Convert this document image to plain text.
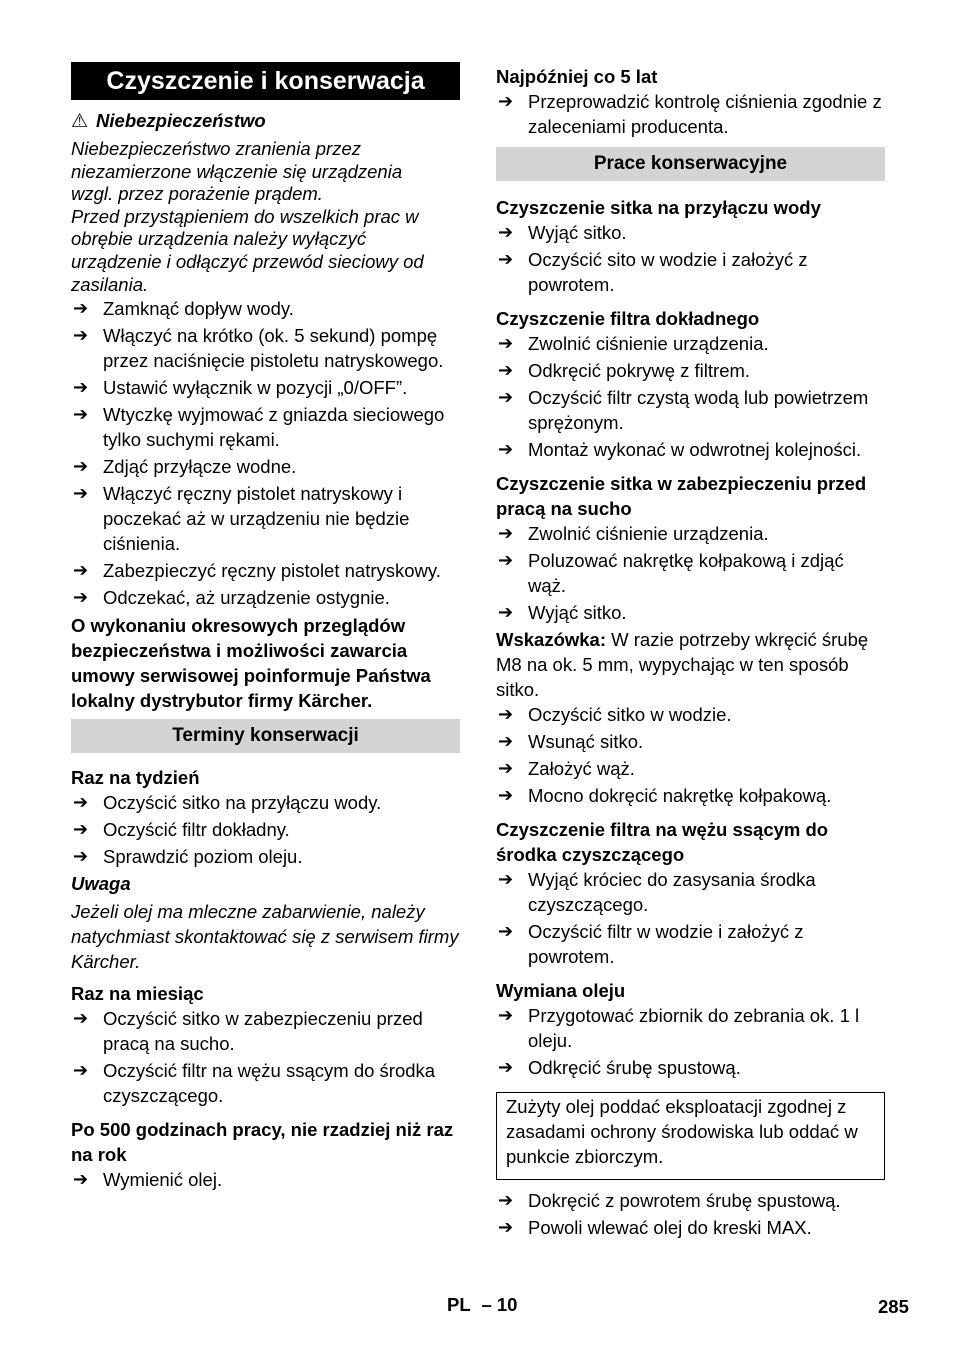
Czyszczenie i konserwacja
⚠ Niebezpieczeństwo
Niebezpieczeństwo zranienia przez
niezamierzone włączenie się urządzenia
wzgl. przez porażenie prądem.
Przed przystąpieniem do wszelkich prac w
obrębie urządzenia należy wyłączyć
urządzenie i odłączyć przewód sieciowy od
zasilania.
➔ Zamknąć dopływ wody.
➔ Włączyć na krótko (ok. 5 sekund) pompę przez naciśnięcie pistoletu natryskowego.
➔ Ustawić wyłącznik w pozycji „0/OFF”.
➔ Wtyczkę wyjmować z gniazda sieciowego tylko suchymi rękami.
➔ Zdjąć przyłącze wodne.
➔ Włączyć ręczny pistolet natryskowy i poczekać aż w urządzeniu nie będzie ciśnienia.
➔ Zabezpieczyć ręczny pistolet natryskowy.
➔ Odczekać, aż urządzenie ostygnie.

O wykonaniu okresowych przeglądów bezpieczeństwa i możliwości zawarcia umowy serwisowej poinformuje Państwa lokalny dystrybutor firmy Kärcher.

Terminy konserwacji

Raz na tydzień

➔ Oczyścić sitko na przyłączu wody.
➔ Oczyścić filtr dokładny.
➔ Sprawdzić poziom oleju.

Uwaga

Jeżeli olej ma mleczne zabarwienie, należy natychmiast skontaktować się z serwisem firmy Kärcher.

Raz na miesiąc

➔ Oczyścić sitko w zabezpieczeniu przed pracą na sucho.
➔ Oczyścić filtr na wężu ssącym do środka czyszczącego.

Po 500 godzinach pracy, nie rzadziej niż raz na rok

➔ Wymienić olej.

Najpóźniej co 5 lat

➔ Przeprowadzić kontrolę ciśnienia zgodnie z zaleceniami producenta.
Prace konserwacyjne

Czyszczenie sitka na przyłączu wody

➔ Wyjąć sitko.
➔ Oczyścić sito w wodzie i założyć z powrotem.

Czyszczenie filtra dokładnego

➔ Zwolnić ciśnienie urządzenia.
➔ Odkręcić pokrywę z filtrem.
➔ Oczyścić filtr czystą wodą lub powietrzem sprężonym.
➔ Montaż wykonać w odwrotnej kolejności.

Czyszczenie sitka w zabezpieczeniu przed pracą na sucho

➔ Zwolnić ciśnienie urządzenia.
➔ Poluzować nakrętkę kołpakową i zdjąć wąż.
➔ Wyjąć sitko.

Wskazówka: W razie potrzeby wkręcić śrubę M8 na ok. 5 mm, wypychając w ten sposób sitko.

➔ Oczyścić sitko w wodzie.
➔ Wsunąć sitko.
➔ Założyć wąż.
➔ Mocno dokręcić nakrętkę kołpakową.

Czyszczenie filtra na wężu ssącym do środka czyszczącego

➔ Wyjąć króciec do zasysania środka czyszczącego.
➔ Oczyścić filtr w wodzie i założyć z powrotem.

Wymiana oleju

➔ Przygotować zbiornik do zebrania ok. 1 l oleju.
➔ Odkręcić śrubę spustową.
Zużyty olej poddać eksploatacji zgodnej z zasadami ochrony środowiska lub oddać w punkcie zbiorczym.
➔ Dokręcić z powrotem śrubę spustową.
➔ Powoli wlewać olej do kreski MAX.
PL – 10	285
